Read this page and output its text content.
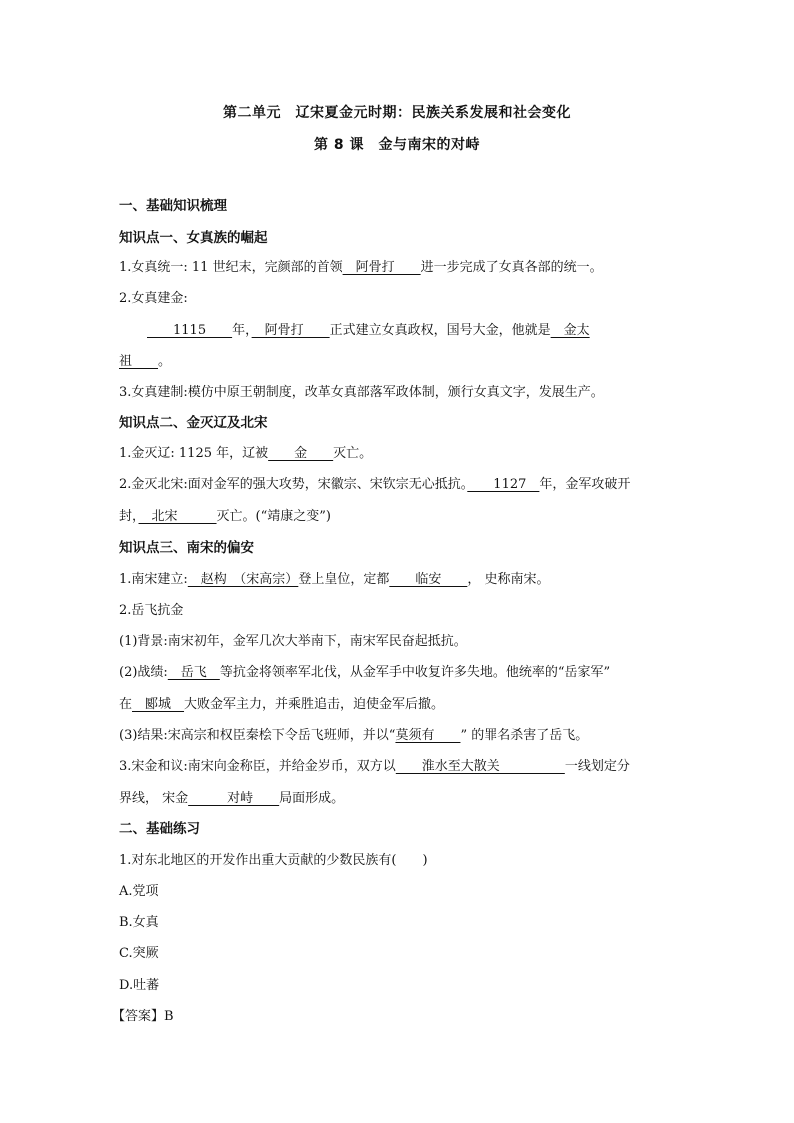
第二单元　辽宋夏金元时期：民族关系发展和社会变化
第 8 课　金与南宋的对峙
一、基础知识梳理
知识点一、女真族的崛起
1.女真统一: 11 世纪末，完颜部的首领　阿骨打　　进一步完成了女真各部的统一。
2.女真建金:
　　1115　　年，　阿骨打　　正式建立女真政权，国号大金，他就是　金太
祖　　。
3.女真建制:模仿中原王朝制度，改革女真部落军政体制，颁行女真文字，发展生产。
知识点二、金灭辽及北宋
1.金灭辽: 1125 年，辽被　　金　　灭亡。
2.金灭北宋:面对金军的强大攻势，宋徽宗、宋钦宗无心抵抗。　　1127　年，金军攻破开
封，　北宋　　　灭亡。(“靖康之变”)
知识点三、南宋的偏安
1.南宋建立:　赵构　（宋高宗）登上皇位，定都　　临安　　， 史称南宋。
2.岳飞抗金
(1)背景:南宋初年，金军几次大举南下，南宋军民奋起抵抗。
(2)战绩:　岳飞　等抗金将领率军北伐，从金军手中收复许多失地。他统率的“岳家军”
在　郾城　大败金军主力，并乘胜追击，迫使金军后撤。
(3)结果:宋高宗和权臣秦桧下令岳飞班师，并以“莫须有　　” 的罪名杀害了岳飞。
3.宋金和议:南宋向金称臣，并给金岁币，双方以　　淮水至大散关　　　　　一线划定分
界线， 宋金　　　对峙　　局面形成。
二、基础练习
1.对东北地区的开发作出重大贡献的少数民族有(　　)
A.党项
B.女真
C.突厥
D.吐蕃
【答案】B
